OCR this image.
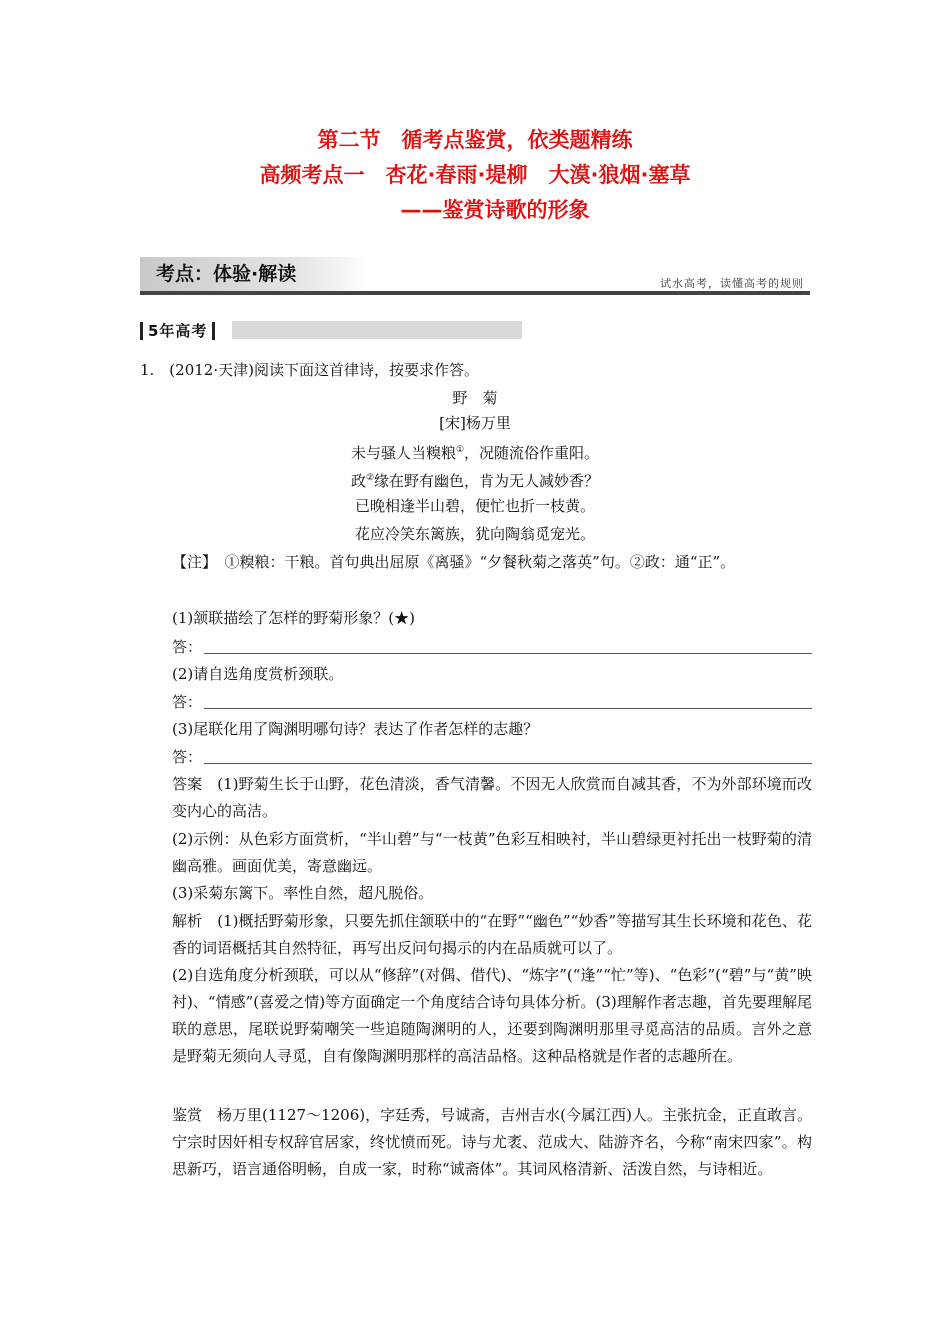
第二节　循考点鉴赏，依类题精练
高频考点一　杏花·春雨·堤柳　大漠·狼烟·塞草
——鉴赏诗歌的形象
考点：体验·解读	试水高考，读懂高考的规则
5年高考
1.　(2012·天津)阅读下面这首律诗，按要求作答。
野　菊
[宋]杨万里
未与骚人当糗粮①，况随流俗作重阳。
政②缘在野有幽色，肯为无人减妙香？
已晚相逢半山碧，便忙也折一枝黄。
花应冷笑东篱族，犹向陶翁觅宠光。
【注】　①糗粮：干粮。首句典出屈原《离骚》“夕餐秋菊之落英”句。②政：通“正”。
(1)颔联描绘了怎样的野菊形象？(★)
答：
(2)请自选角度赏析颈联。
答：
(3)尾联化用了陶渊明哪句诗？表达了作者怎样的志趣？
答：
答案　(1)野菊生长于山野，花色清淡，香气清馨。不因无人欣赏而自减其香，不为外部环境而改变内心的高洁。
(2)示例：从色彩方面赏析，“半山碧”与“一枝黄”色彩互相映衬，半山碧绿更衬托出一枝野菊的清幽高雅。画面优美，寄意幽远。
(3)采菊东篱下。率性自然，超凡脱俗。
解析　(1)概括野菊形象，只要先抓住颔联中的“在野”“幽色”“妙香”等描写其生长环境和花色、花香的词语概括其自然特征，再写出反问句揭示的内在品质就可以了。
(2)自选角度分析颈联，可以从“修辞”(对偶、借代)、“炼字”(“逢”“忙”等)、“色彩”(“碧”与“黄”映衬)、“情感”(喜爱之情)等方面确定一个角度结合诗句具体分析。(3)理解作者志趣，首先要理解尾联的意思，尾联说野菊嘲笑一些追随陶渊明的人，还要到陶渊明那里寻觅高洁的品质。言外之意是野菊无须向人寻觅，自有像陶渊明那样的高洁品格。这种品格就是作者的志趣所在。
鉴赏　杨万里(1127～1206)，字廷秀，号诚斋，吉州吉水(今属江西)人。主张抗金，正直敢言。宁宗时因奸相专权辞官居家，终忧愤而死。诗与尤袤、范成大、陆游齐名，今称“南宋四家”。构思新巧，语言通俗明畅，自成一家，时称“诚斋体”。其词风格清新、活泼自然，与诗相近。
